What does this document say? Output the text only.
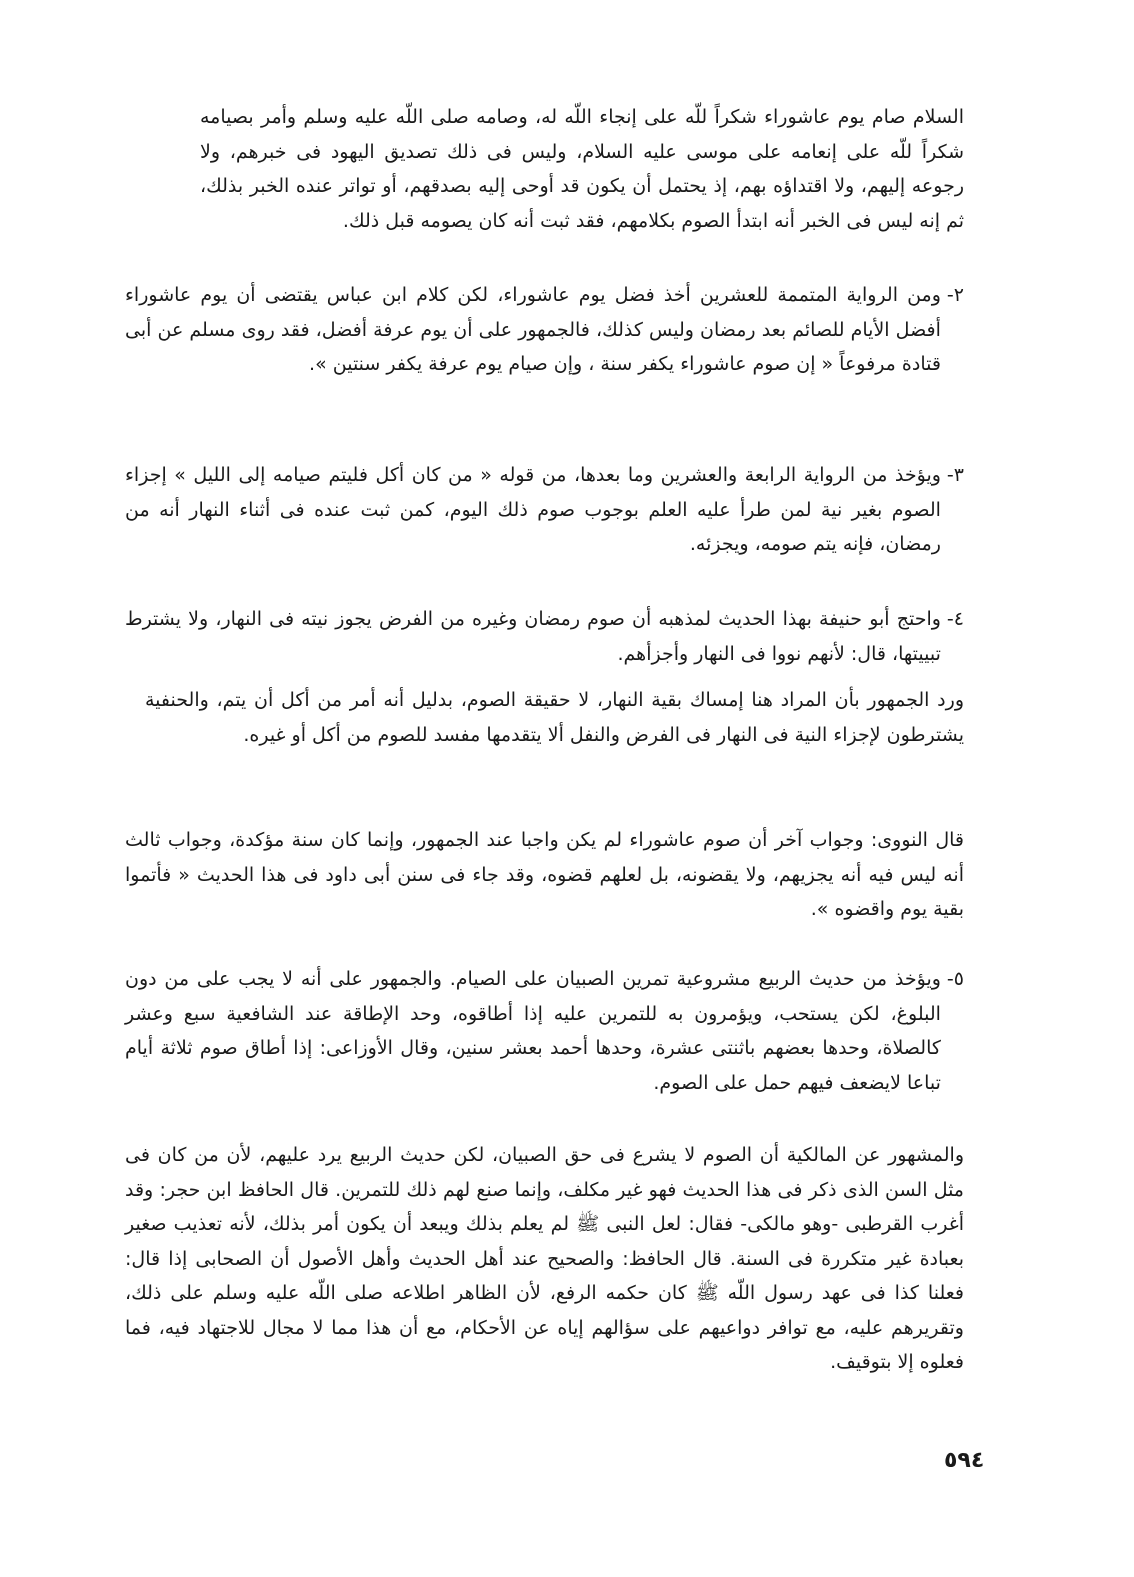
السلام صام يوم عاشوراء شكراً للّه على إنجاء اللّه له، وصامه صلى اللّه عليه وسلم وأمر بصيامه شكراً للّه على إنعامه على موسى عليه السلام، وليس فى ذلك تصديق اليهود فى خبرهم، ولا رجوعه إليهم، ولا اقتداؤه بهم، إذ يحتمل أن يكون قد أوحى إليه بصدقهم، أو تواتر عنده الخبر بذلك، ثم إنه ليس فى الخبر أنه ابتدأ الصوم بكلامهم، فقد ثبت أنه كان يصومه قبل ذلك.
٢-
ومن الرواية المتممة للعشرين أخذ فضل يوم عاشوراء، لكن كلام ابن عباس يقتضى أن يوم عاشوراء أفضل الأيام للصائم بعد رمضان وليس كذلك، فالجمهور على أن يوم عرفة أفضل، فقد روى مسلم عن أبى قتادة مرفوعاً « إن صوم عاشوراء يكفر سنة ، وإن صيام يوم عرفة يكفر سنتين ».
٣-
ويؤخذ من الرواية الرابعة والعشرين وما بعدها، من قوله « من كان أكل فليتم صيامه إلى الليل » إجزاء الصوم بغير نية لمن طرأ عليه العلم بوجوب صوم ذلك اليوم، كمن ثبت عنده فى أثناء النهار أنه من رمضان، فإنه يتم صومه، ويجزئه.
٤-
واحتج أبو حنيفة بهذا الحديث لمذهبه أن صوم رمضان وغيره من الفرض يجوز نيته فى النهار، ولا يشترط تبييتها، قال: لأنهم نووا فى النهار وأجزأهم.
ورد الجمهور بأن المراد هنا إمساك بقية النهار، لا حقيقة الصوم، بدليل أنه أمر من أكل أن يتم، والحنفية يشترطون لإجزاء النية فى النهار فى الفرض والنفل ألا يتقدمها مفسد للصوم من أكل أو غيره.
قال النووى: وجواب آخر أن صوم عاشوراء لم يكن واجبا عند الجمهور، وإنما كان سنة مؤكدة، وجواب ثالث أنه ليس فيه أنه يجزيهم، ولا يقضونه، بل لعلهم قضوه، وقد جاء فى سنن أبى داود فى هذا الحديث « فأتموا بقية يوم واقضوه ».
٥-
ويؤخذ من حديث الربيع مشروعية تمرين الصبيان على الصيام. والجمهور على أنه لا يجب على من دون البلوغ، لكن يستحب، ويؤمرون به للتمرين عليه إذا أطاقوه، وحد الإطاقة عند الشافعية سبع وعشر كالصلاة، وحدها بعضهم باثنتى عشرة، وحدها أحمد بعشر سنين، وقال الأوزاعى: إذا أطاق صوم ثلاثة أيام تباعا لايضعف فيهم حمل على الصوم.
والمشهور عن المالكية أن الصوم لا يشرع فى حق الصبيان، لكن حديث الربيع يرد عليهم، لأن من كان فى مثل السن الذى ذكر فى هذا الحديث فهو غير مكلف، وإنما صنع لهم ذلك للتمرين. قال الحافظ ابن حجر: وقد أغرب القرطبى -وهو مالكى- فقال: لعل النبى ﷺ لم يعلم بذلك ويبعد أن يكون أمر بذلك، لأنه تعذيب صغير بعبادة غير متكررة فى السنة. قال الحافظ: والصحيح عند أهل الحديث وأهل الأصول أن الصحابى إذا قال: فعلنا كذا فى عهد رسول اللّه ﷺ كان حكمه الرفع، لأن الظاهر اطلاعه صلى اللّه عليه وسلم على ذلك، وتقريرهم عليه، مع توافر دواعيهم على سؤالهم إياه عن الأحكام، مع أن هذا مما لا مجال للاجتهاد فيه، فما فعلوه إلا بتوقيف.
٥٩٤
